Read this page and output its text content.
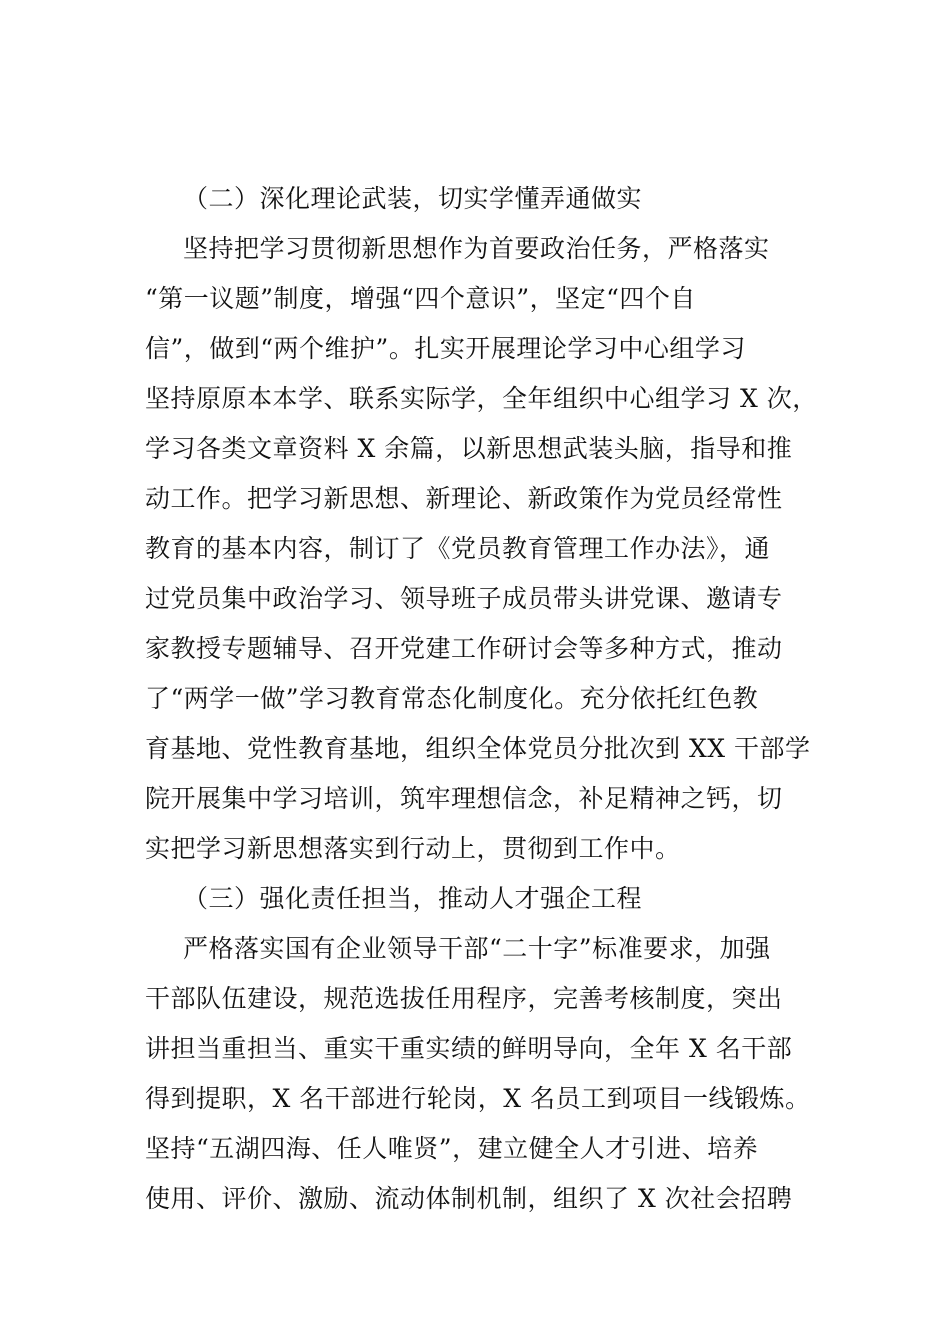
（二）深化理论武装，切实学懂弄通做实
坚持把学习贯彻新思想作为首要政治任务，严格落实
“第一议题”制度，增强“四个意识”，坚定“四个自
信”，做到“两个维护”。扎实开展理论学习中心组学习
坚持原原本本学、联系实际学，全年组织中心组学习 X 次，
学习各类文章资料 X 余篇，以新思想武装头脑，指导和推
动工作。把学习新思想、新理论、新政策作为党员经常性
教育的基本内容，制订了《党员教育管理工作办法》，通
过党员集中政治学习、领导班子成员带头讲党课、邀请专
家教授专题辅导、召开党建工作研讨会等多种方式，推动
了“两学一做”学习教育常态化制度化。充分依托红色教
育基地、党性教育基地，组织全体党员分批次到 XX 干部学
院开展集中学习培训，筑牢理想信念，补足精神之钙，切
实把学习新思想落实到行动上，贯彻到工作中。
（三）强化责任担当，推动人才强企工程
严格落实国有企业领导干部“二十字”标准要求，加强
干部队伍建设，规范选拔任用程序，完善考核制度，突出
讲担当重担当、重实干重实绩的鲜明导向，全年 X 名干部
得到提职，X 名干部进行轮岗，X 名员工到项目一线锻炼。
坚持“五湖四海、任人唯贤”，建立健全人才引进、培养
使用、评价、激励、流动体制机制，组织了 X 次社会招聘
